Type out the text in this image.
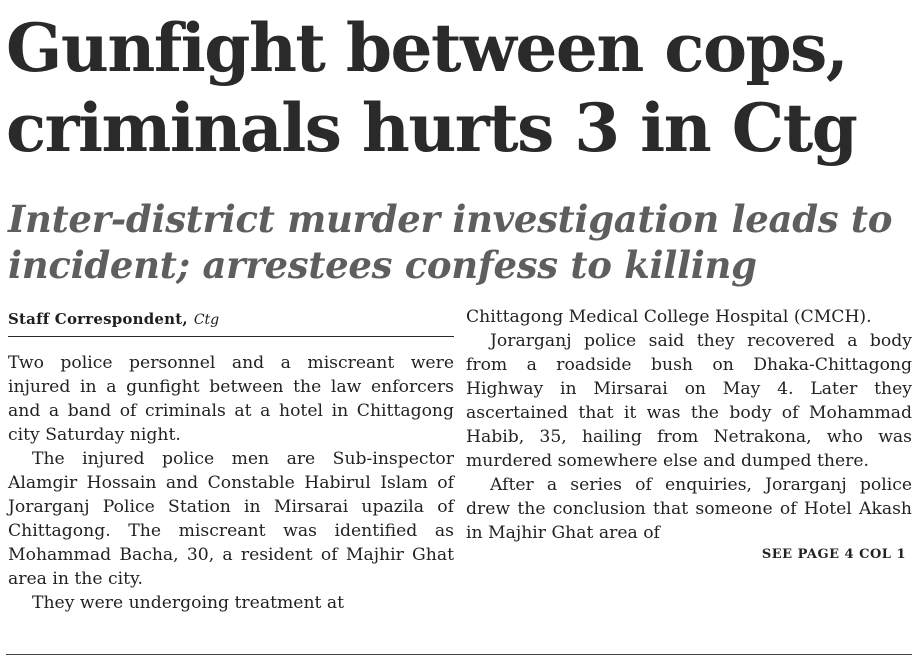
Gunfight between cops,
criminals hurts 3 in Ctg
Inter-district murder investigation leads to
incident; arrestees confess to killing
Staff Correspondent, Ctg

Two police personnel and a miscreant were injured in a gunfight between the law enforcers and a band of criminals at a hotel in Chittagong city Saturday night.

The injured police men are Sub-inspector Alamgir Hossain and Constable Habirul Islam of Jorarganj Police Station in Mirsarai upazila of Chittagong. The miscreant was identified as Mohammad Bacha, 30, a resident of Majhir Ghat area in the city.

They were undergoing treatment at

Chittagong Medical College Hospital (CMCH).

Jorarganj police said they recovered a body from a roadside bush on Dhaka-Chittagong Highway in Mirsarai on May 4. Later they ascertained that it was the body of Mohammad Habib, 35, hailing from Netrakona, who was murdered somewhere else and dumped there.

After a series of enquiries, Jorarganj police drew the conclusion that someone of Hotel Akash in Majhir Ghat area of

SEE PAGE 4 COL 1
